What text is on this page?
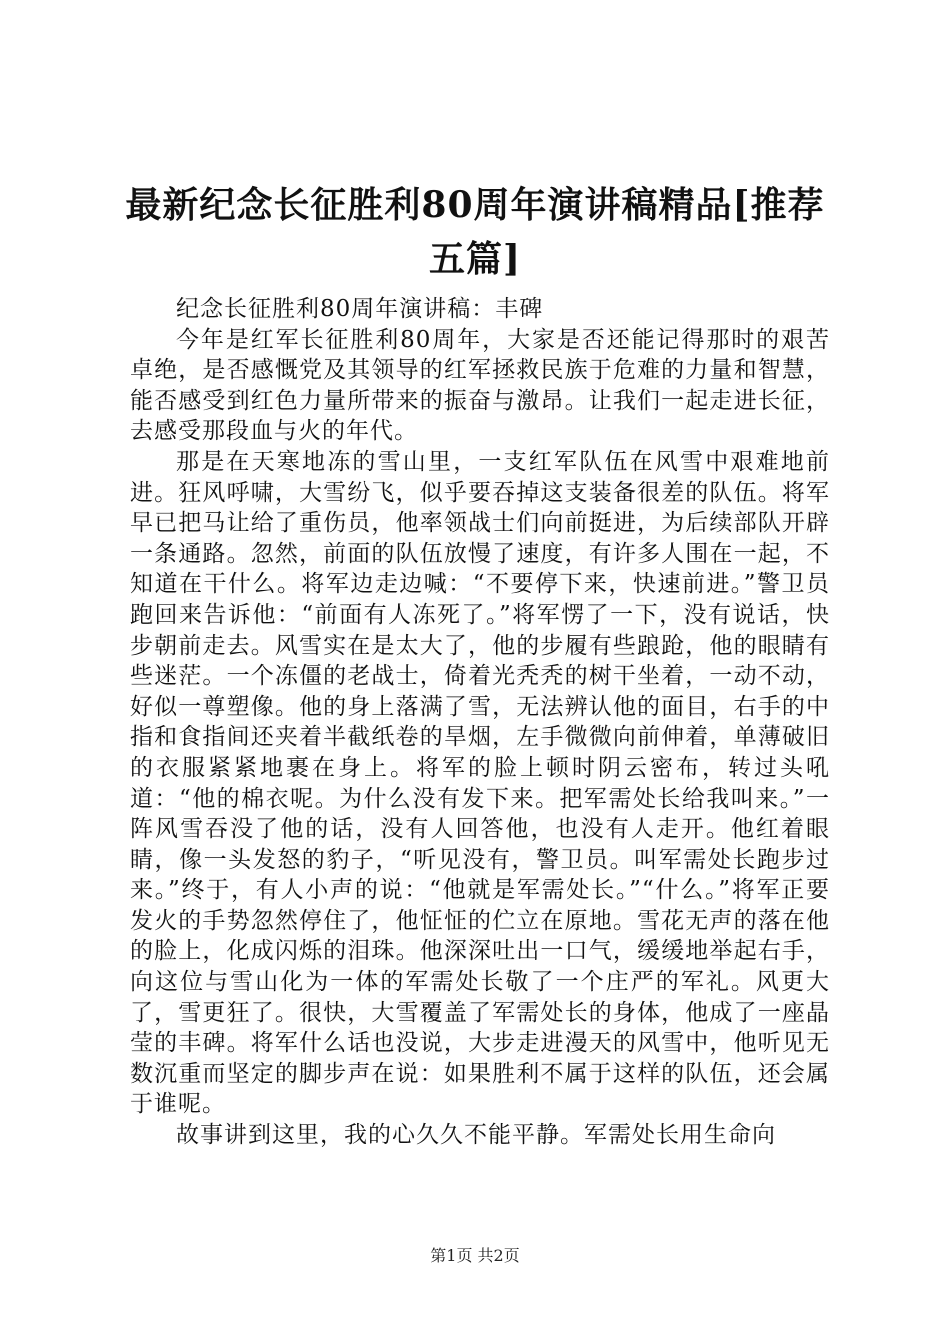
最新纪念长征胜利80周年演讲稿精品[推荐五篇]

纪念长征胜利80周年演讲稿：丰碑

今年是红军长征胜利80周年，大家是否还能记得那时的艰苦卓绝，是否感慨党及其领导的红军拯救民族于危难的力量和智慧，能否感受到红色力量所带来的振奋与激昂。让我们一起走进长征，去感受那段血与火的年代。

那是在天寒地冻的雪山里，一支红军队伍在风雪中艰难地前进。狂风呼啸，大雪纷飞，似乎要吞掉这支装备很差的队伍。将军早已把马让给了重伤员，他率领战士们向前挺进，为后续部队开辟一条通路。忽然，前面的队伍放慢了速度，有许多人围在一起，不知道在干什么。将军边走边喊：“不要停下来，快速前进。”警卫员跑回来告诉他：“前面有人冻死了。”将军愣了一下，没有说话，快步朝前走去。风雪实在是太大了，他的步履有些踉跄，他的眼睛有些迷茫。一个冻僵的老战士，倚着光秃秃的树干坐着，一动不动，好似一尊塑像。他的身上落满了雪，无法辨认他的面目，右手的中指和食指间还夹着半截纸卷的旱烟，左手微微向前伸着，单薄破旧的衣服紧紧地裹在身上。将军的脸上顿时阴云密布，转过头吼道：“他的棉衣呢。为什么没有发下来。把军需处长给我叫来。”一阵风雪吞没了他的话，没有人回答他，也没有人走开。他红着眼睛，像一头发怒的豹子，“听见没有，警卫员。叫军需处长跑步过来。”终于，有人小声的说：“他就是军需处长。”“什么。”将军正要发火的手势忽然停住了，他怔怔的伫立在原地。雪花无声的落在他的脸上，化成闪烁的泪珠。他深深吐出一口气，缓缓地举起右手，向这位与雪山化为一体的军需处长敬了一个庄严的军礼。风更大了，雪更狂了。很快，大雪覆盖了军需处长的身体，他成了一座晶莹的丰碑。将军什么话也没说，大步走进漫天的风雪中，他听见无数沉重而坚定的脚步声在说：如果胜利不属于这样的队伍，还会属于谁呢。

故事讲到这里，我的心久久不能平静。军需处长用生命向

第1页 共2页
